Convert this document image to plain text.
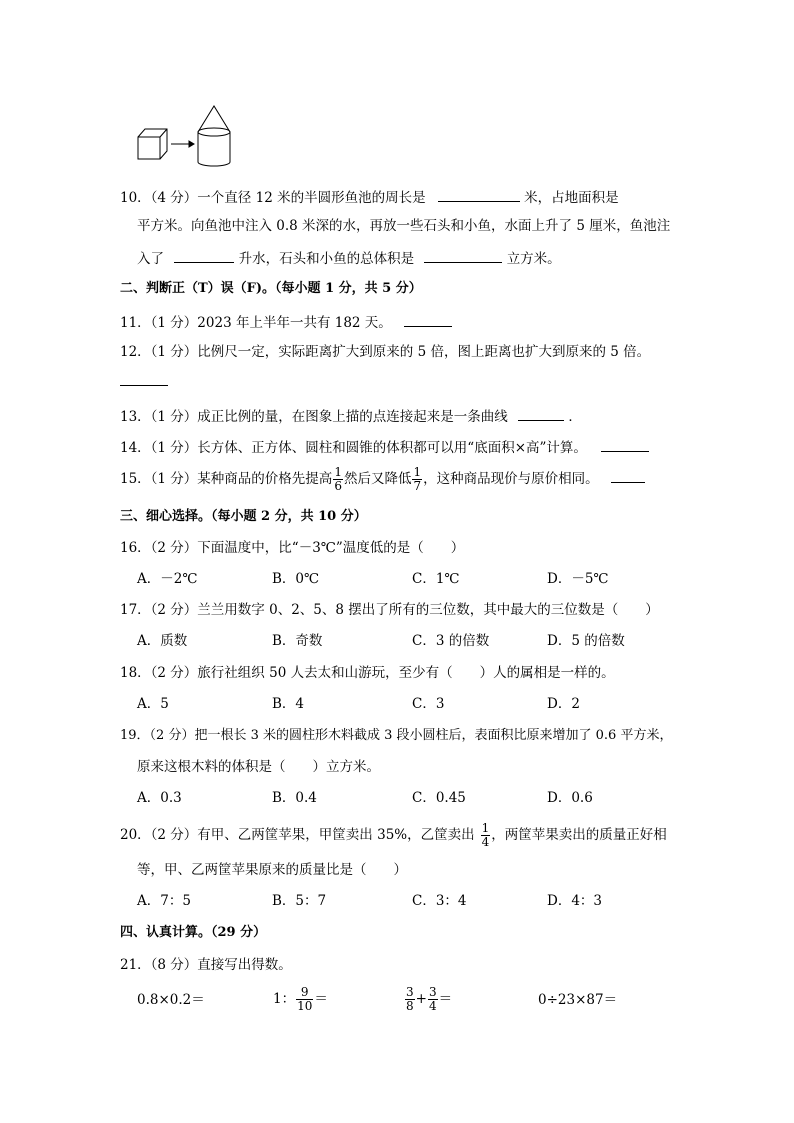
10．（4 分）一个直径 12 米的半圆形鱼池的周长是	米，占地面积是
平方米。向鱼池中注入 0.8 米深的水，再放一些石头和小鱼，水面上升了 5 厘米，鱼池注
入了	升水，石头和小鱼的总体积是	立方米。
二、判断正（T）误（F)。（每小题 1 分，共 5 分）
11．（1 分）2023 年上半年一共有 182 天。
12．（1 分）比例尺一定，实际距离扩大到原来的 5 倍，图上距离也扩大到原来的 5 倍。
13．（1 分）成正比例的量，在图象上描的点连接起来是一条曲线	．
14．（1 分）长方体、正方体、圆柱和圆锥的体积都可以用“底面积×高”计算。
15．（1 分）某种商品的价格先提高 $\frac{1}{6}$ 然后又降低 $\frac{1}{7}$ ，这种商品现价与原价相同。
三、细心选择。（每小题 2 分，共 10 分）
16．（2 分）下面温度中，比“－3℃”温度低的是（　　）
A．－2℃	B．0℃	C．1℃	D．－5℃
17．（2 分）兰兰用数字 0、2、5、8 摆出了所有的三位数，其中最大的三位数是（　　）
A．质数	B．奇数	C．3 的倍数	D．5 的倍数
18．（2 分）旅行社组织 50 人去太和山游玩，至少有（　　）人的属相是一样的。
A．5	B．4	C．3	D．2
19．（2 分）把一根长 3 米的圆柱形木料截成 3 段小圆柱后，表面积比原来增加了 0.6 平方米，
原来这根木料的体积是（　　）立方米。
A．0.3	B．0.4	C．0.45	D．0.6
20．（2 分）有甲、乙两筐苹果，甲筐卖出 35%，乙筐卖出 $\frac{1}{4}$ ，两筐苹果卖出的质量正好相
等，甲、乙两筐苹果原来的质量比是（　　）
A．7：5	B．5：7	C．3：4	D．4：3
四、认真计算。（29 分）
21．（8 分）直接写出得数。
0.8×0.2＝	1： $\frac{9}{10}$ ＝	$\frac{3}{8} + \frac{3}{4}$ ＝	0÷23×87＝
